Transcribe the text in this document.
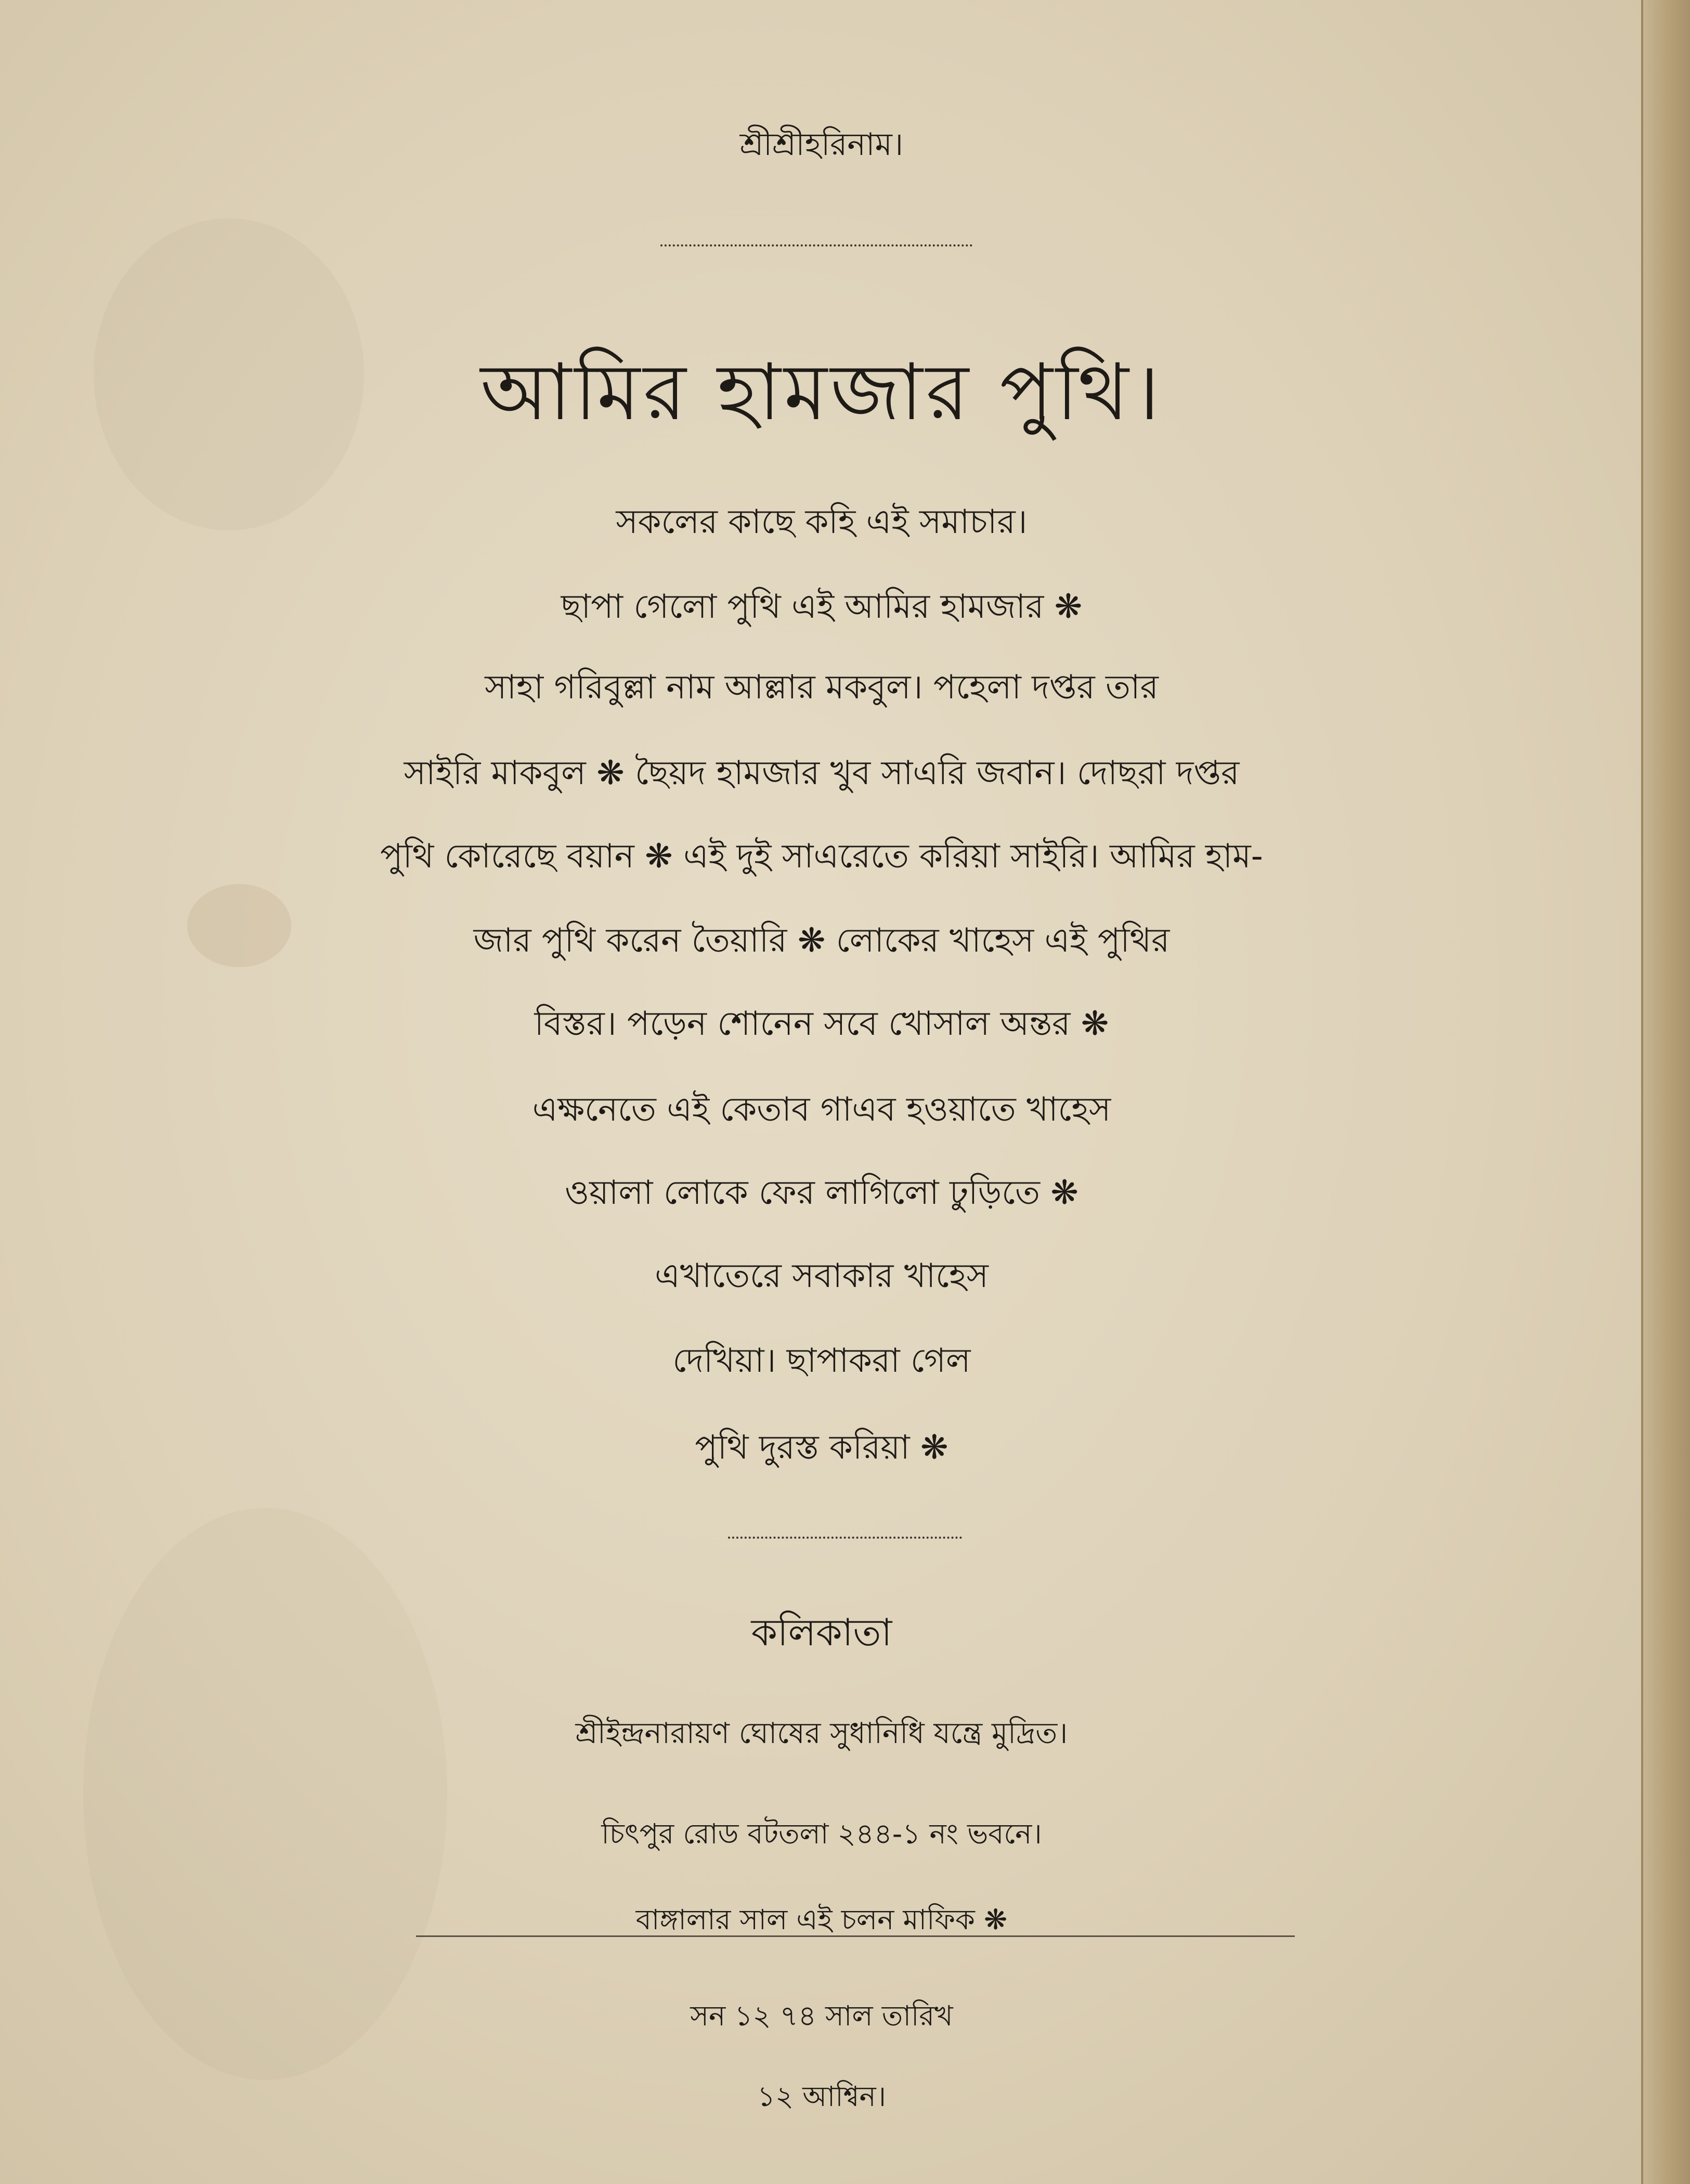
শ্রীশ্রীহরিনাম।
আমির হামজার পুথি।
সকলের কাছে কহি এই সমাচার।
ছাপা গেলো পুথি এই আমির হামজার ❋
সাহা গরিবুল্লা নাম আল্লার মকবুল। পহেলা দপ্তর তার
সাইরি মাকবুল ❋ ছৈয়দ হামজার খুব সাএরি জবান। দোছরা দপ্তর
পুথি কোরেছে বয়ান ❋ এই দুই সাএরেতে করিয়া সাইরি। আমির হাম-
জার পুথি করেন তৈয়ারি ❋ লোকের খাহেস এই পুথির
বিস্তর। পড়েন শোনেন সবে খোসাল অন্তর ❋
এক্ষনেতে এই কেতাব গাএব হওয়াতে খাহেস
ওয়ালা লোকে ফের লাগিলো ঢুড়িতে ❋
এখাতেরে সবাকার খাহেস
দেখিয়া। ছাপাকরা গেল
পুথি দুরস্ত করিয়া ❋
কলিকাতা
শ্রীইন্দ্রনারায়ণ ঘোষের সুধানিধি যন্ত্রে মুদ্রিত।
চিৎপুর রোড বটতলা ২৪৪-১ নং ভবনে।
বাঙ্গালার সাল এই চলন মাফিক ❋
সন ১২ ৭৪ সাল তারিখ
১২ আশ্বিন।
